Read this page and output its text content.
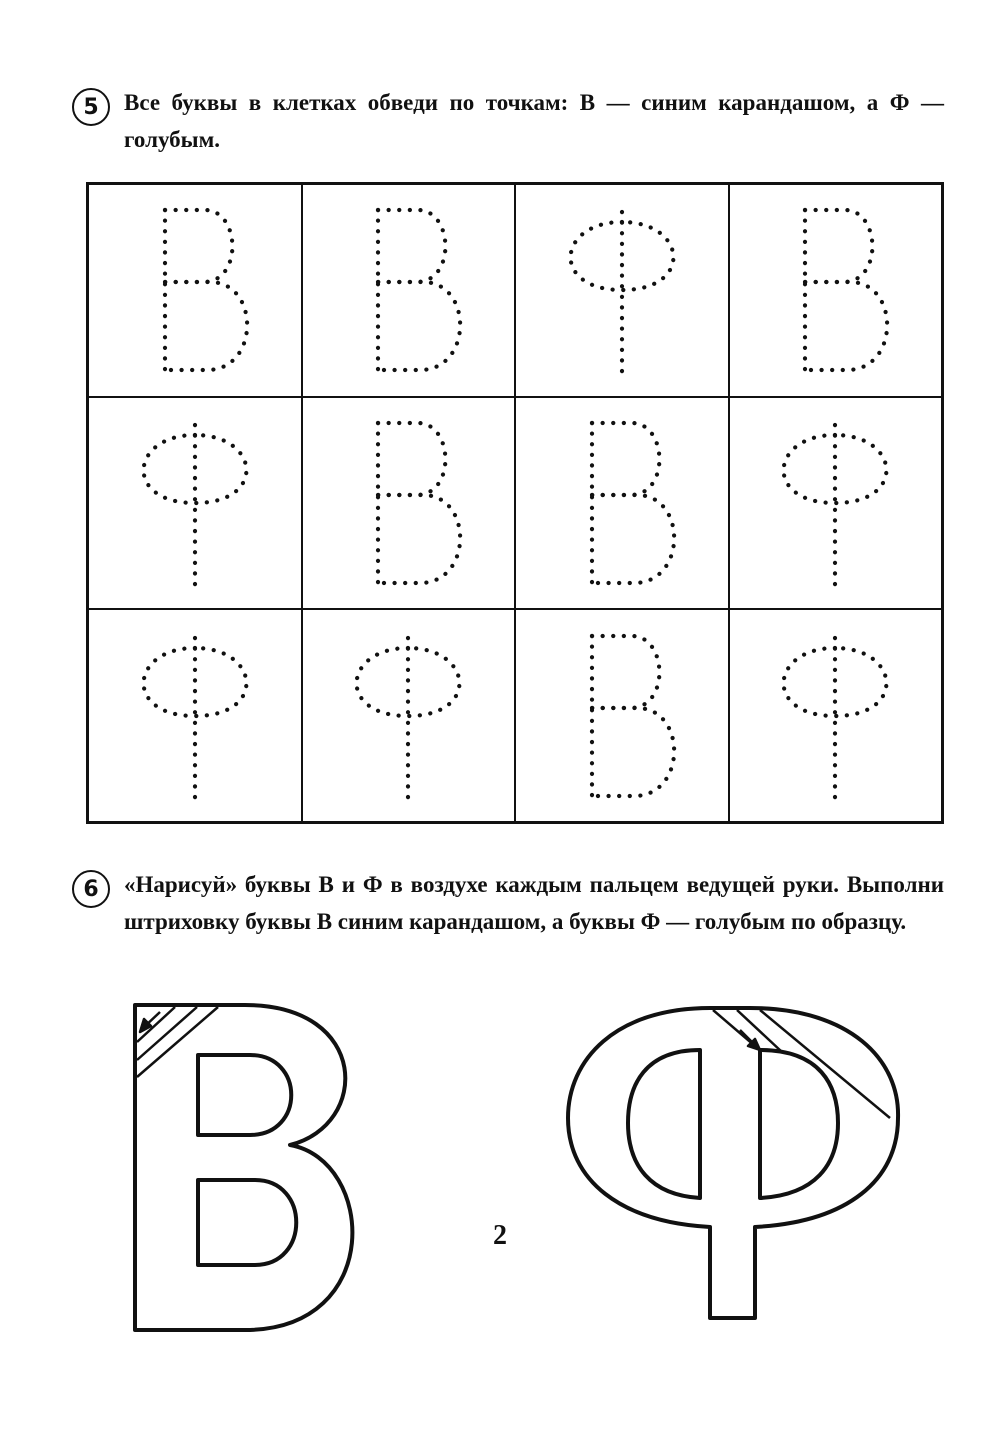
5	Все буквы в клетках обведи по точкам: В — синим карандашом, а Ф — голубым.
6	«Нарисуй» буквы В и Ф в воздухе каждым пальцем ведущей руки. Выполни штриховку буквы В синим карандашом, а буквы Ф — голубым по образцу.
2
